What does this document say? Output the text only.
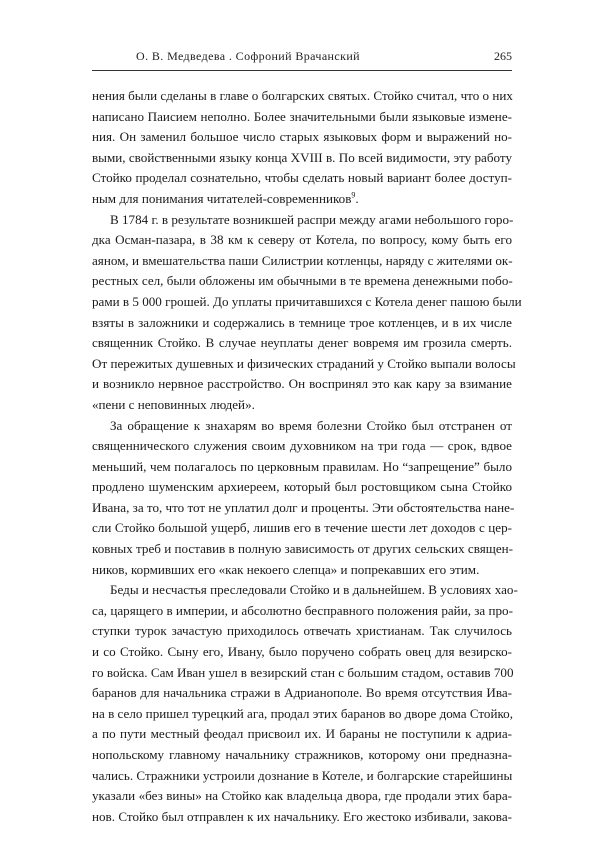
О. В. Медведева . Софроний Врачанский	265
нения были сделаны в главе о болгарских святых. Стойко считал, что о них
написано Паисием неполно. Более значительными были языковые изменe-
ния. Он заменил большое число старых языковых форм и выражений но-
выми, свойственными языку конца XVIII в. По всей видимости, эту работу
Стойко проделал сознательно, чтобы сделать новый вариант более доступ-
ным для понимания читателей-современников$^9$.
В 1784 г. в результате возникшей распри между агами небольшого горо-
дка Осман-пазара, в 38 км к северу от Котела, по вопросу, кому быть его
аяном, и вмешательства паши Силистрии котленцы, наряду с жителями ок-
рестных сел, были обложены им обычными в те времена денежными побо-
рами в 5 000 грошей. До уплаты причитавшихся с Котела денег пашою были
взяты в заложники и содержались в темнице трое котленцев, и в их числе
священник Стойко. В случае неуплаты денег вовремя им грозила смерть.
От пережитых душевных и физических страданий у Стойко выпали волосы
и возникло нервное расстройство. Он воспринял это как кару за взимание
«пени с неповинных людей».
За обращение к знахарям во время болезни Стойко был отстранен от
священнического служения своим духовником на три года — срок, вдвое
меньший, чем полагалось по церковным правилам. Но “запрещение” было
продлено шуменским архиереем, который был ростовщиком сына Стойко
Ивана, за то, что тот не уплатил долг и проценты. Эти обстоятельства нане-
сли Стойко большой ущерб, лишив его в течение шести лет доходов с цер-
ковных треб и поставив в полную зависимость от других сельских священ-
ников, кормивших его «как некоего слепца» и попрекавших его этим.
Беды и несчастья преследовали Стойко и в дальнейшем. В условиях хао-
са, царящего в империи, и абсолютно бесправного положения райи, за про-
ступки турок зачастую приходилось отвечать христианам. Так случилось
и со Стойко. Сыну его, Ивану, было поручено собрать овец для везирско-
го войска. Сам Иван ушел в везирский стан с большим стадом, оставив 700
баранов для начальника стражи в Адрианополе. Во время отсутствия Ива-
на в село пришел турецкий ага, продал этих баранов во дворе дома Стойко,
а по пути местный феодал присвоил их. И бараны не поступили к адриа-
нопольскому главному начальнику стражников, которому они предназна-
чались. Стражники устроили дознание в Котеле, и болгарские старейшины
указали «без вины» на Стойко как владельца двора, где продали этих бара-
нов. Стойко был отправлен к их начальнику. Его жестоко избивали, закова-
